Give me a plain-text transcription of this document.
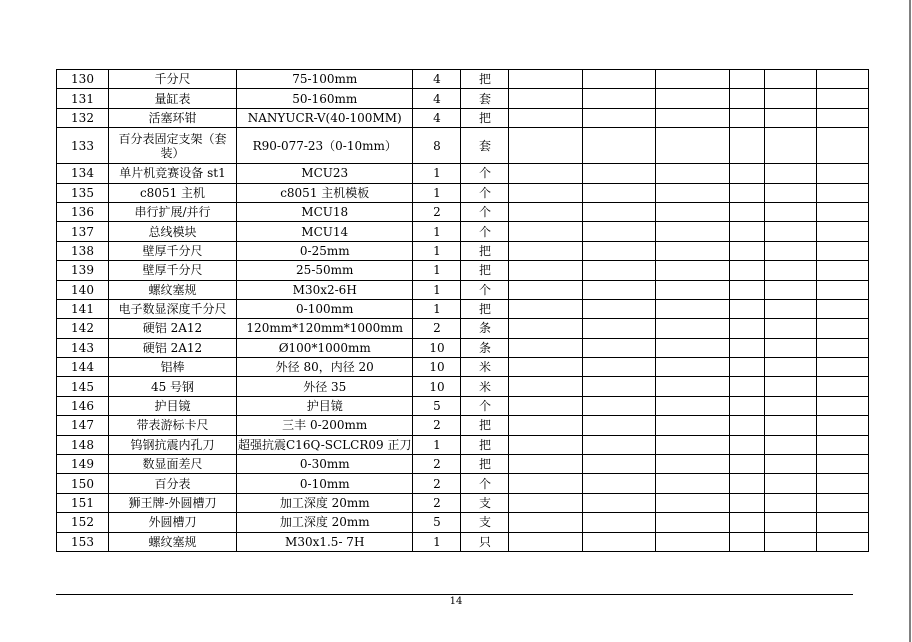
130	千分尺	75-100mm	4	把						
131	量缸表	50-160mm	4	套						
132	活塞环钳	NANYUCR-V(40-100MM)	4	把						
133	百分表固定支架（套装）	R90-077-23（0-10mm）	8	套						
134	单片机竞赛设备 st1	MCU23	1	个						
135	c8051 主机	c8051 主机模板	1	个						
136	串行扩展/并行	MCU18	2	个						
137	总线模块	MCU14	1	个						
138	壁厚千分尺	0-25mm	1	把						
139	壁厚千分尺	25-50mm	1	把						
140	螺纹塞规	M30x2-6H	1	个						
141	电子数显深度千分尺	0-100mm	1	把						
142	硬铝 2A12	120mm*120mm*1000mm	2	条						
143	硬铝 2A12	Ø100*1000mm	10	条						
144	铝棒	外径 80，内径 20	10	米						
145	45 号钢	外径 35	10	米						
146	护目镜	护目镜	5	个						
147	带表游标卡尺	三丰 0-200mm	2	把						
148	钨钢抗震内孔刀	超强抗震C16Q-SCLCR09 正刀	1	把						
149	数显面差尺	0-30mm	2	把						
150	百分表	0-10mm	2	个						
151	狮王牌-外圆槽刀	加工深度 20mm	2	支						
152	外圆槽刀	加工深度 20mm	5	支						
153	螺纹塞规	M30x1.5- 7H	1	只						
14
